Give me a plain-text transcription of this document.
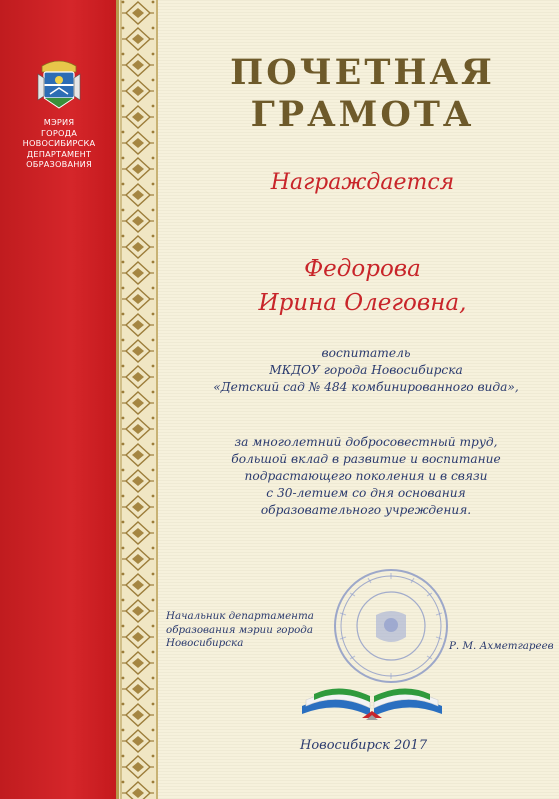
МЭРИЯ
ГОРОДА
НОВОСИБИРСКА
ДЕПАРТАМЕНТ
ОБРАЗОВАНИЯ
ПОЧЕТНАЯ
ГРАМОТА
Награждается
Федорова
Ирина Олеговна,
воспитатель
МКДОУ города Новосибирска
«Детский сад № 484 комбинированного вида»,
за многолетний добросовестный труд,
большой вклад в развитие и воспитание
подрастающего поколения и в связи
с 30-летием со дня основания
образовательного учреждения.
Начальник департамента
образования мэрии города
Новосибирска	Р. М. Ахметгареев
Новосибирск 2017
